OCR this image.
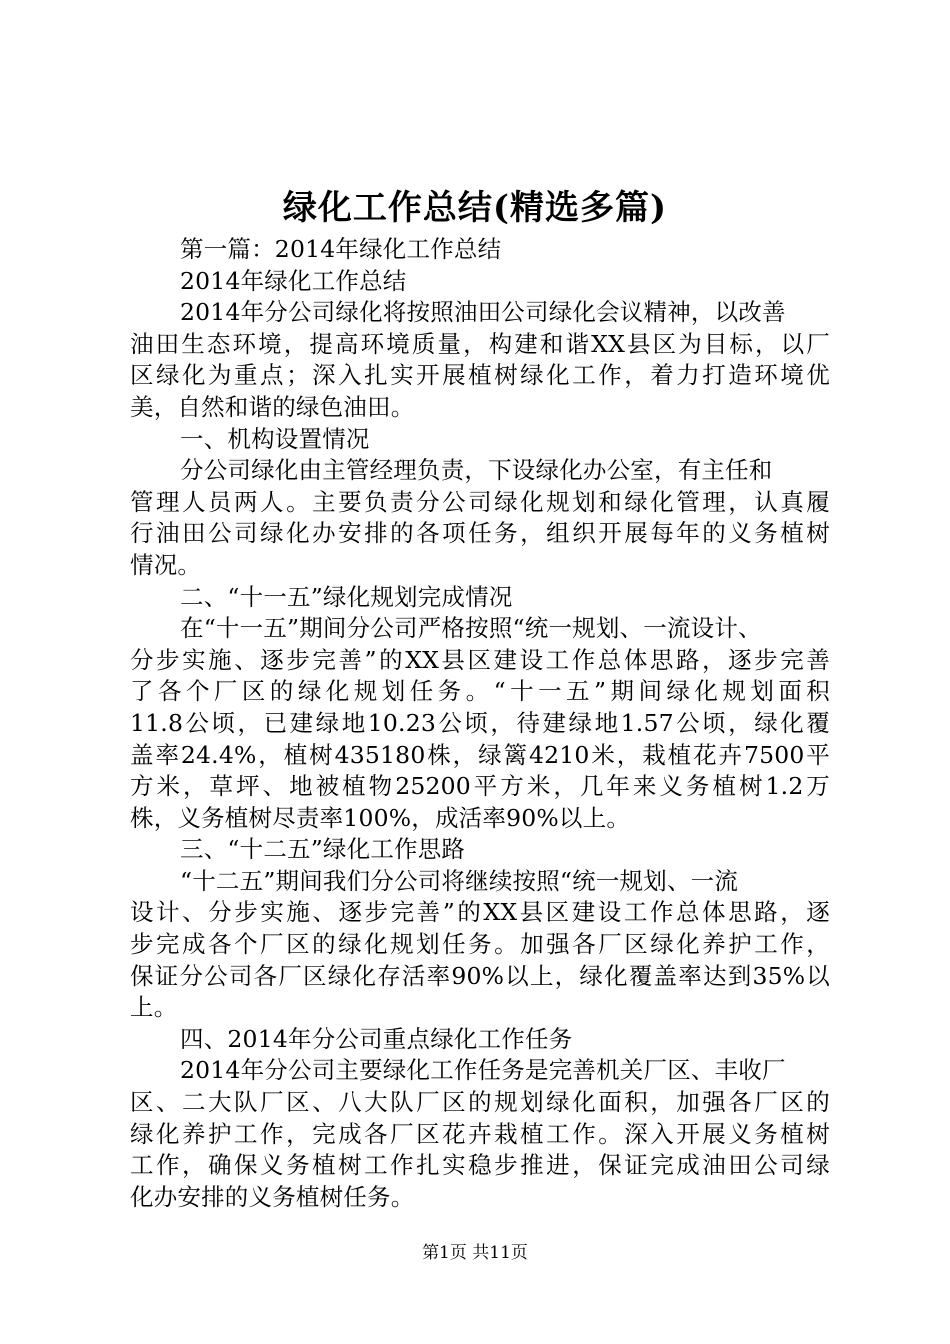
绿化工作总结(精选多篇)
第一篇：2014年绿化工作总结
2014年绿化工作总结
2014年分公司绿化将按照油田公司绿化会议精神，以改善
油田生态环境，提高环境质量，构建和谐XX县区为目标，以厂
区绿化为重点；深入扎实开展植树绿化工作，着力打造环境优
美，自然和谐的绿色油田。
一、机构设置情况
分公司绿化由主管经理负责，下设绿化办公室，有主任和
管理人员两人。主要负责分公司绿化规划和绿化管理，认真履
行油田公司绿化办安排的各项任务，组织开展每年的义务植树
情况。
二、“十一五”绿化规划完成情况
在“十一五”期间分公司严格按照“统一规划、一流设计、
分步实施、逐步完善”的XX县区建设工作总体思路，逐步完善
了各个厂区的绿化规划任务。“十一五”期间绿化规划面积
11.8公顷，已建绿地10.23公顷，待建绿地1.57公顷，绿化覆
盖率24.4%，植树435180株，绿篱4210米，栽植花卉7500平
方米，草坪、地被植物25200平方米，几年来义务植树1.2万
株，义务植树尽责率100%，成活率90%以上。
三、“十二五”绿化工作思路
“十二五”期间我们分公司将继续按照“统一规划、一流
设计、分步实施、逐步完善”的XX县区建设工作总体思路，逐
步完成各个厂区的绿化规划任务。加强各厂区绿化养护工作，
保证分公司各厂区绿化存活率90%以上，绿化覆盖率达到35%以
上。
四、2014年分公司重点绿化工作任务
2014年分公司主要绿化工作任务是完善机关厂区、丰收厂
区、二大队厂区、八大队厂区的规划绿化面积，加强各厂区的
绿化养护工作，完成各厂区花卉栽植工作。深入开展义务植树
工作，确保义务植树工作扎实稳步推进，保证完成油田公司绿
化办安排的义务植树任务。
第1页 共11页
